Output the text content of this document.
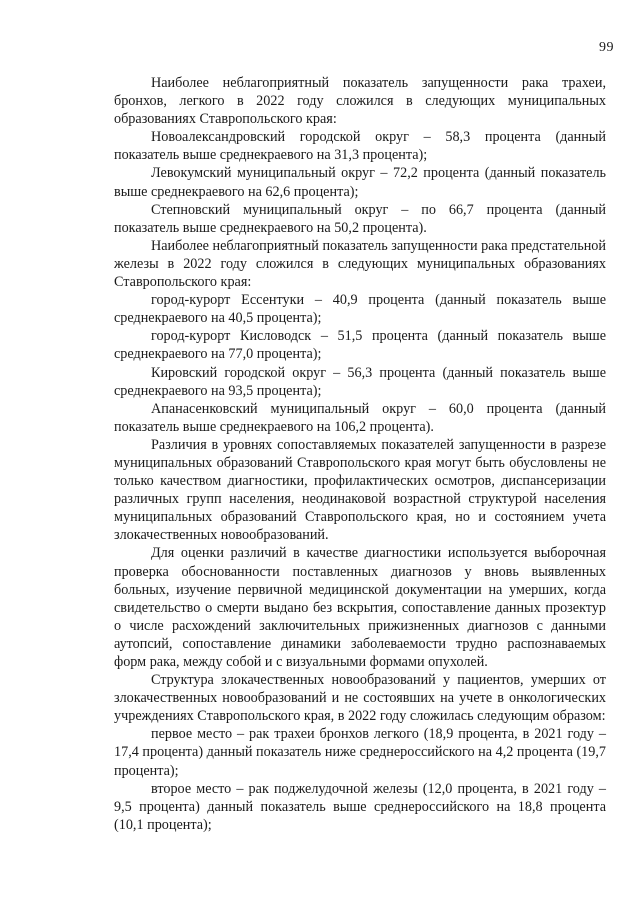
99

Наиболее неблагоприятный показатель запущенности рака трахеи, бронхов, легкого в 2022 году сложился в следующих муниципальных образованиях Ставропольского края:

Новоалександровский городской округ – 58,3 процента (данный показатель выше среднекраевого на 31,3 процента);

Левокумский муниципальный округ – 72,2 процента (данный показатель выше среднекраевого на 62,6 процента);

Степновский муниципальный округ – по 66,7 процента (данный показатель выше среднекраевого на 50,2 процента).

Наиболее неблагоприятный показатель запущенности рака предстательной железы в 2022 году сложился в следующих муниципальных образованиях Ставропольского края:

город-курорт Ессентуки – 40,9 процента (данный показатель выше среднекраевого на 40,5 процента);

город-курорт Кисловодск – 51,5 процента (данный показатель выше среднекраевого на 77,0 процента);

Кировский городской округ – 56,3 процента (данный показатель выше среднекраевого на 93,5 процента);

Апанасенковский муниципальный округ – 60,0 процента (данный показатель выше среднекраевого на 106,2 процента).

Различия в уровнях сопоставляемых показателей запущенности в разрезе муниципальных образований Ставропольского края могут быть обусловлены не только качеством диагностики, профилактических осмотров, диспансеризации различных групп населения, неодинаковой возрастной структурой населения муниципальных образований Ставропольского края, но и состоянием учета злокачественных новообразований.

Для оценки различий в качестве диагностики используется выборочная проверка обоснованности поставленных диагнозов у вновь выявленных больных, изучение первичной медицинской документации на умерших, когда свидетельство о смерти выдано без вскрытия, сопоставление данных прозектур о числе расхождений заключительных прижизненных диагнозов с данными аутопсий, сопоставление динамики заболеваемости трудно распознаваемых форм рака, между собой и с визуальными формами опухолей.

Структура злокачественных новообразований у пациентов, умерших от злокачественных новообразований и не состоявших на учете в онкологических учреждениях Ставропольского края, в 2022 году сложилась следующим образом:

первое место – рак трахеи бронхов легкого (18,9 процента, в 2021 году – 17,4 процента) данный показатель ниже среднероссийского на 4,2 процента (19,7 процента);

второе место – рак поджелудочной железы (12,0 процента, в 2021 году – 9,5 процента) данный показатель выше среднероссийского на 18,8 процента (10,1 процента);
